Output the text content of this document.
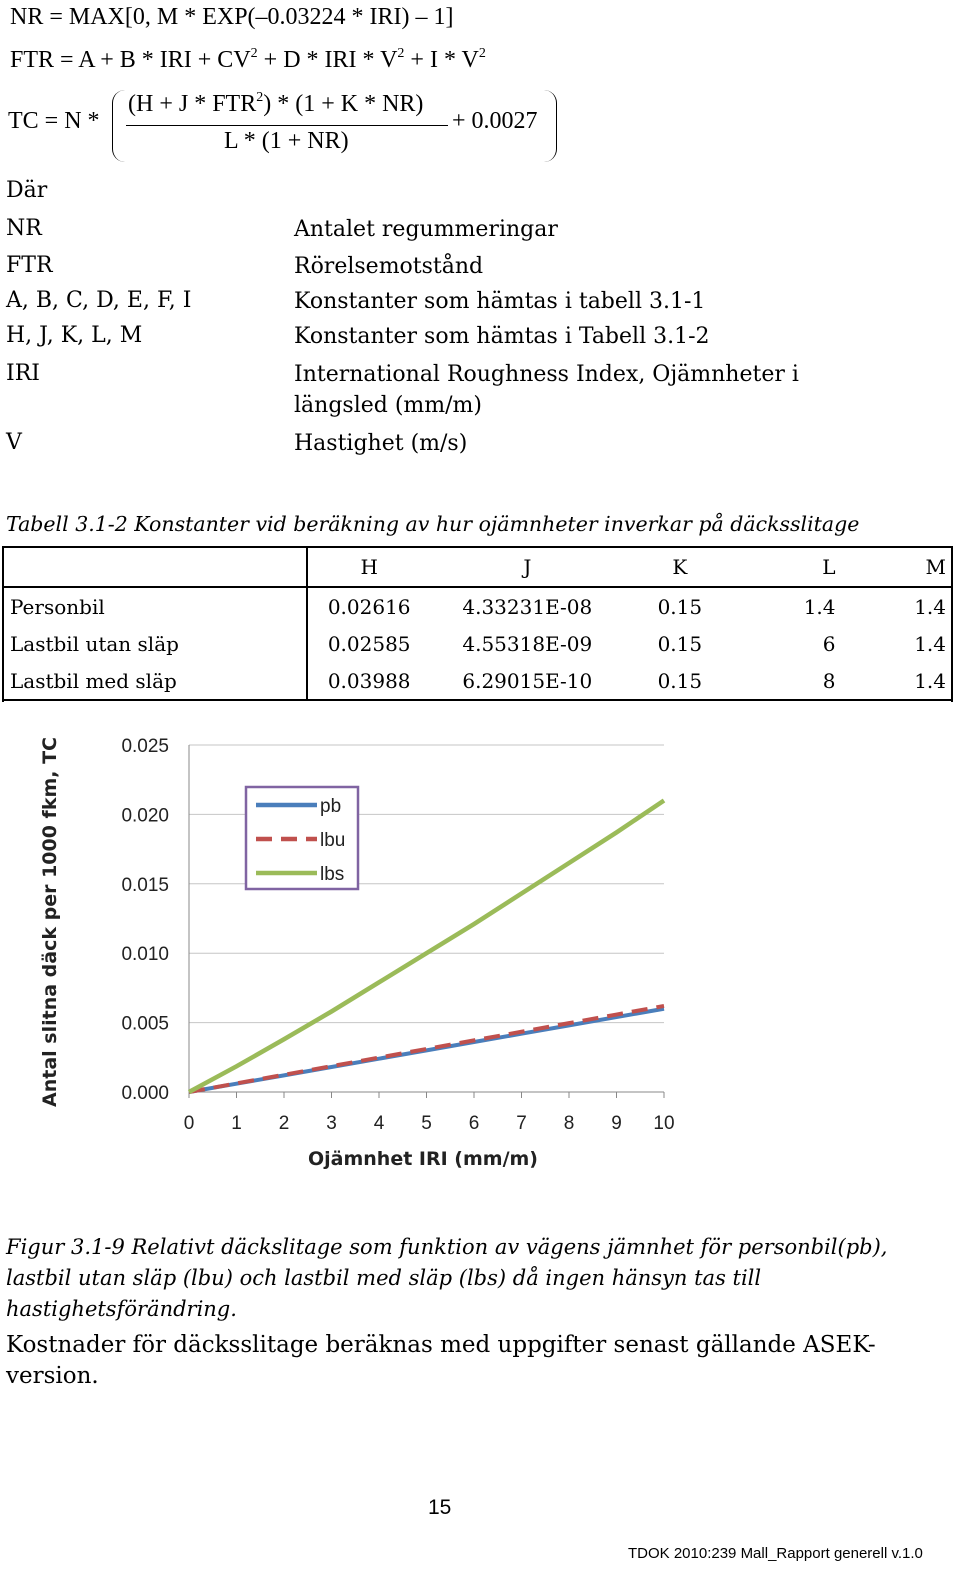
NR = MAX[0, M * EXP(–0.03224 * IRI) – 1]
FTR = A + B * IRI + $CV^2 + D$ * IRI * $V^2 + I * V^2$
TC = N *
(H + J * FTR$^2$) * (1 + K * NR)
L * (1 + NR)
+ 0.0027
Där
NR	Antalet regummeringar
FTR	Rörelsemotstånd
A, B, C, D, E, F, I	Konstanter som hämtas i tabell 3.1-1
H, J, K, L, M	Konstanter som hämtas i Tabell 3.1-2
IRI	International Roughness Index, Ojämnheter i längsled (mm/m)
V	Hastighet (m/s)
Tabell 3.1-2 Konstanter vid beräkning av hur ojämnheter inverkar på däcksslitage
	H	J	K	L	M
Personbil	0.02616	4.33231E-08	0.15	1.4	1.4
Lastbil utan släp	0.02585	4.55318E-09	0.15	6	1.4
Lastbil med släp	0.03988	6.29015E-10	0.15	8	1.4
0.000
0.005
0.010
0.015
0.020
0.025
0 1 2 3 4 5 6 7 8 9 10
Antal slitna däck per 1000 fkm, TC
Ojämnhet IRI (mm/m)
pb
lbu
lbs
Figur 3.1-9 Relativt däckslitage som funktion av vägens jämnhet för personbil(pb), lastbil utan släp (lbu) och lastbil med släp (lbs) då ingen hänsyn tas till hastighetsförändring.
Kostnader för däcksslitage beräknas med uppgifter senast gällande ASEK-version.
15
TDOK 2010:239 Mall_Rapport generell v.1.0
